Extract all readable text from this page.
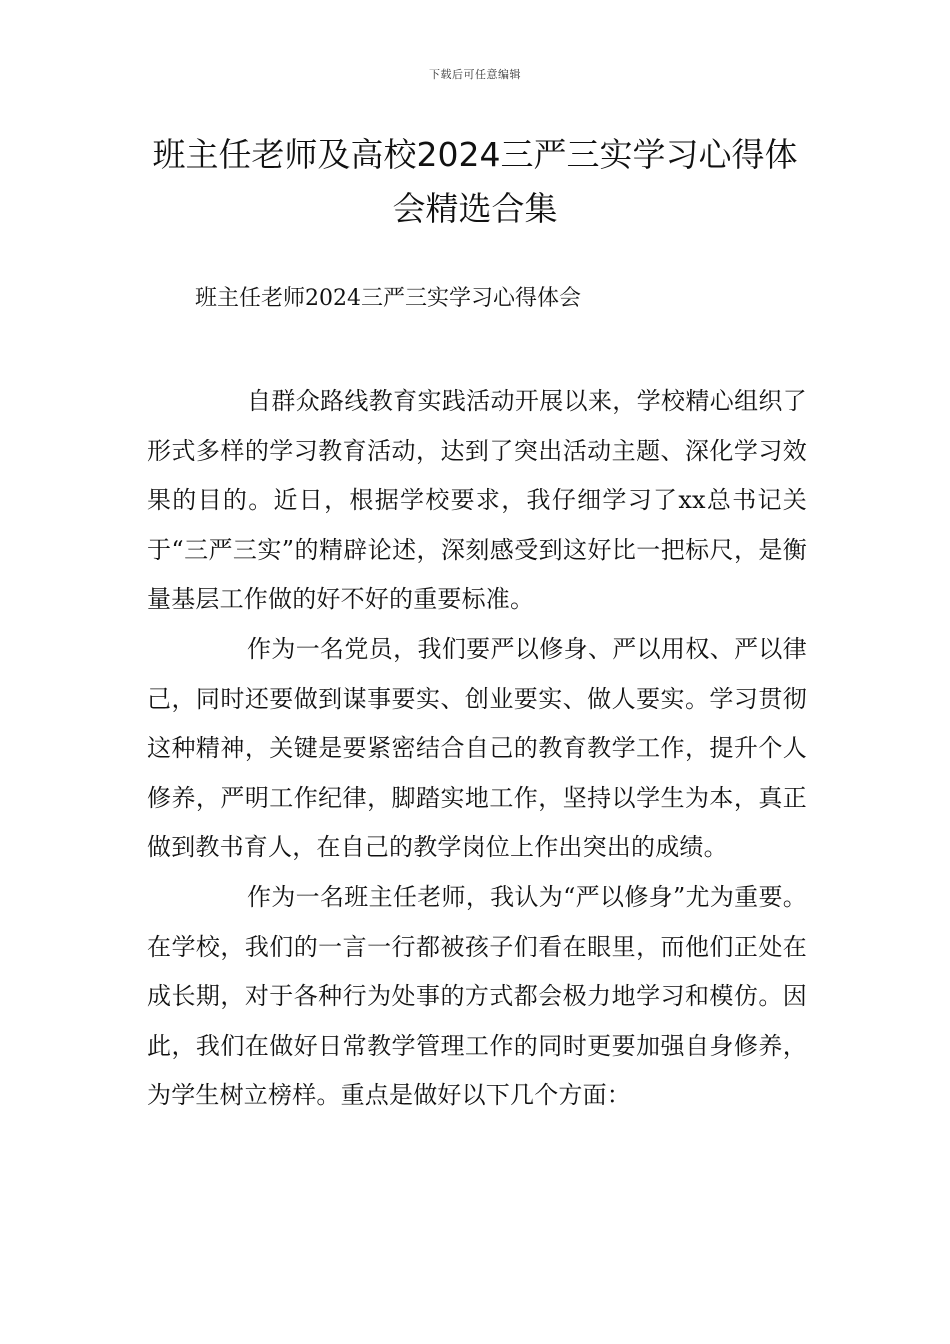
下载后可任意编辑
班主任老师及高校2024三严三实学习心得体会精选合集
班主任老师2024三严三实学习心得体会

自群众路线教育实践活动开展以来，学校精心组织了形式多样的学习教育活动，达到了突出活动主题、深化学习效果的目的。近日，根据学校要求，我仔细学习了xx总书记关于“三严三实”的精辟论述，深刻感受到这好比一把标尺，是衡量基层工作做的好不好的重要标准。

作为一名党员，我们要严以修身、严以用权、严以律己，同时还要做到谋事要实、创业要实、做人要实。学习贯彻这种精神，关键是要紧密结合自己的教育教学工作，提升个人修养，严明工作纪律，脚踏实地工作，坚持以学生为本，真正做到教书育人，在自己的教学岗位上作出突出的成绩。

作为一名班主任老师，我认为“严以修身”尤为重要。在学校，我们的一言一行都被孩子们看在眼里，而他们正处在成长期，对于各种行为处事的方式都会极力地学习和模仿。因此，我们在做好日常教学管理工作的同时更要加强自身修养，为学生树立榜样。重点是做好以下几个方面：
